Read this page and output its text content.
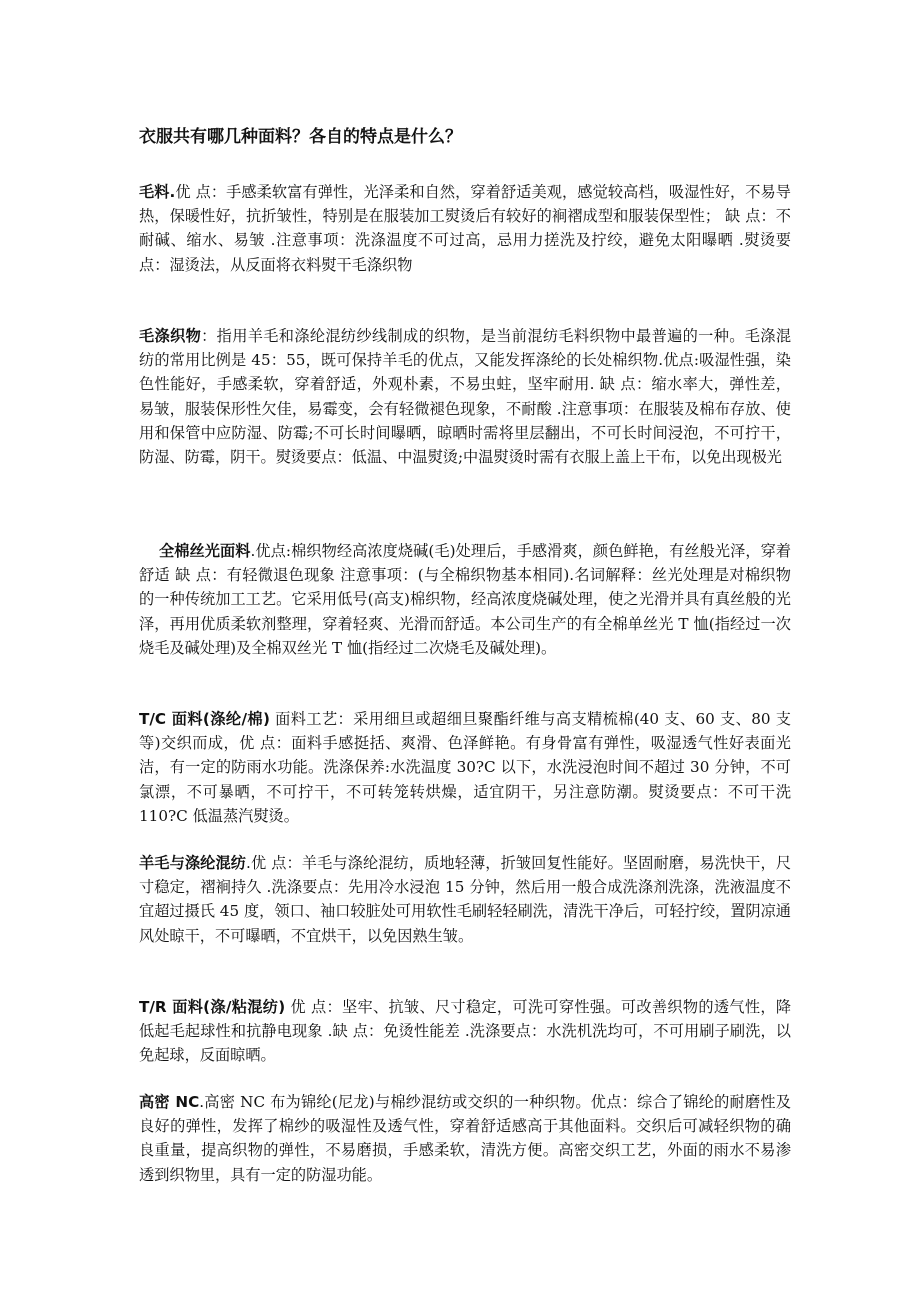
衣服共有哪几种面料？各自的特点是什么？

毛料.优 点：手感柔软富有弹性，光泽柔和自然，穿着舒适美观，感觉较高档，吸湿性好，不易导热，保暖性好，抗折皱性，特别是在服装加工熨烫后有较好的裥褶成型和服装保型性； 缺 点：不耐碱、缩水、易皱 .注意事项：洗涤温度不可过高，忌用力搓洗及拧绞，避免太阳曝晒 .熨烫要点：湿烫法，从反面将衣料熨干毛涤织物

毛涤织物：指用羊毛和涤纶混纺纱线制成的织物，是当前混纺毛料织物中最普遍的一种。毛涤混纺的常用比例是 45：55，既可保持羊毛的优点，又能发挥涤纶的长处棉织物.优点:吸湿性强，染色性能好，手感柔软，穿着舒适，外观朴素，不易虫蛀，坚牢耐用. 缺 点：缩水率大，弹性差，易皱，服装保形性欠佳，易霉变，会有轻微褪色现象，不耐酸 .注意事项：在服装及棉布存放、使用和保管中应防湿、防霉;不可长时间曝晒，晾晒时需将里层翻出，不可长时间浸泡，不可拧干，防湿、防霉，阴干。熨烫要点：低温、中温熨烫;中温熨烫时需有衣服上盖上干布，以免出现极光

全棉丝光面料.优点:棉织物经高浓度烧碱(毛)处理后，手感滑爽，颜色鲜艳，有丝般光泽，穿着舒适 缺 点：有轻微退色现象 注意事项：(与全棉织物基本相同).名词解释：丝光处理是对棉织物的一种传统加工工艺。它采用低号(高支)棉织物，经高浓度烧碱处理，使之光滑并具有真丝般的光泽，再用优质柔软剂整理，穿着轻爽、光滑而舒适。本公司生产的有全棉单丝光 T 恤(指经过一次烧毛及碱处理)及全棉双丝光 T 恤(指经过二次烧毛及碱处理)。

T/C 面料(涤纶/棉) 面料工艺：采用细旦或超细旦聚酯纤维与高支精梳棉(40 支、60 支、80 支等)交织而成，优 点：面料手感挺括、爽滑、色泽鲜艳。有身骨富有弹性，吸湿透气性好表面光洁，有一定的防雨水功能。洗涤保养:水洗温度 30?C 以下，水洗浸泡时间不超过 30 分钟，不可氯漂，不可暴晒，不可拧干，不可转笼转烘燥，适宜阴干，另注意防潮。熨烫要点：不可干洗 110?C 低温蒸汽熨烫。

羊毛与涤纶混纺.优 点：羊毛与涤纶混纺，质地轻薄，折皱回复性能好。坚固耐磨，易洗快干，尺寸稳定，褶裥持久 .洗涤要点：先用冷水浸泡 15 分钟，然后用一般合成洗涤剂洗涤，洗液温度不宜超过摄氏 45 度，领口、袖口较脏处可用软性毛刷轻轻刷洗，清洗干净后，可轻拧绞，置阴凉通风处晾干，不可曝晒，不宜烘干，以免因熟生皱。

T/R 面料(涤/粘混纺) 优 点：坚牢、抗皱、尺寸稳定，可洗可穿性强。可改善织物的透气性，降低起毛起球性和抗静电现象 .缺 点：免烫性能差 .洗涤要点：水洗机洗均可，不可用刷子刷洗，以免起球，反面晾晒。

高密 NC.高密 NC 布为锦纶(尼龙)与棉纱混纺或交织的一种织物。优点：综合了锦纶的耐磨性及良好的弹性，发挥了棉纱的吸湿性及透气性，穿着舒适感高于其他面料。交织后可减轻织物的确良重量，提高织物的弹性，不易磨损，手感柔软，清洗方便。高密交织工艺，外面的雨水不易渗透到织物里，具有一定的防湿功能。
